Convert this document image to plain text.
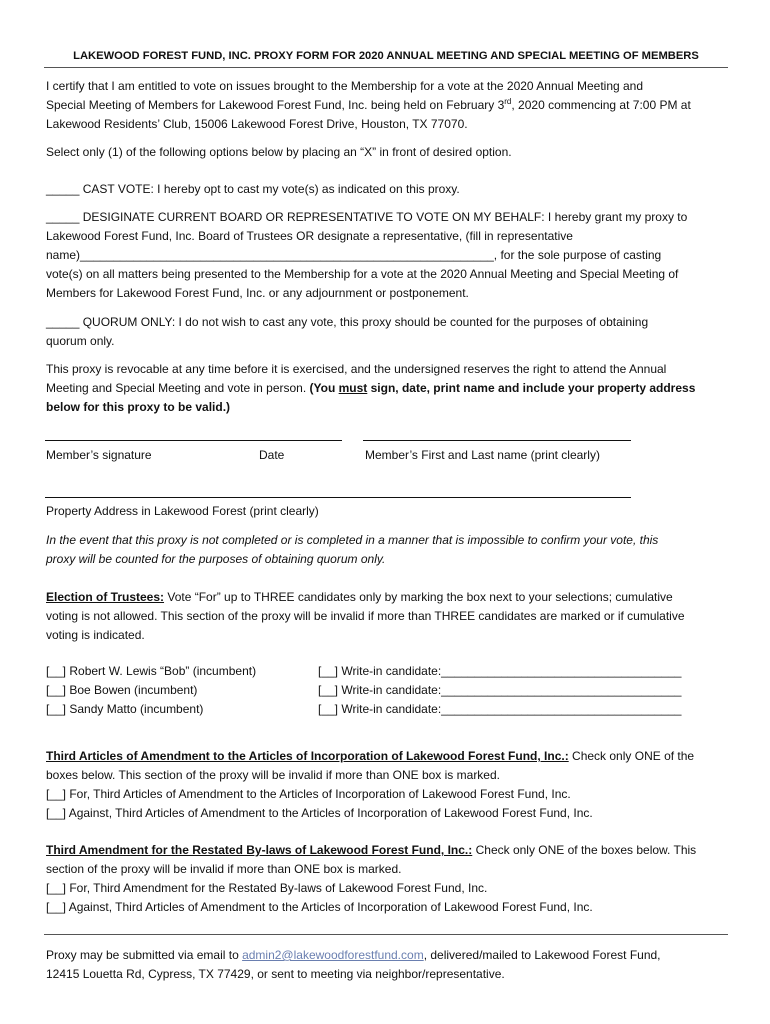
LAKEWOOD FOREST FUND, INC. PROXY FORM FOR 2020 ANNUAL MEETING AND SPECIAL MEETING OF MEMBERS
I certify that I am entitled to vote on issues brought to the Membership for a vote at the 2020 Annual Meeting and
Special Meeting of Members for Lakewood Forest Fund, Inc. being held on February 3rd, 2020 commencing at 7:00 PM at
Lakewood Residents’ Club, 15006 Lakewood Forest Drive, Houston, TX 77070.
Select only (1) of the following options below by placing an “X” in front of desired option.
_____ CAST VOTE: I hereby opt to cast my vote(s) as indicated on this proxy.
_____ DESIGINATE CURRENT BOARD OR REPRESENTATIVE TO VOTE ON MY BEHALF: I hereby grant my proxy to
Lakewood Forest Fund, Inc. Board of Trustees OR designate a representative, (fill in representative
name)______________________________________________________________, for the sole purpose of casting
vote(s) on all matters being presented to the Membership for a vote at the 2020 Annual Meeting and Special Meeting of
Members for Lakewood Forest Fund, Inc. or any adjournment or postponement.
_____ QUORUM ONLY: I do not wish to cast any vote, this proxy should be counted for the purposes of obtaining
quorum only.
This proxy is revocable at any time before it is exercised, and the undersigned reserves the right to attend the Annual
Meeting and Special Meeting and vote in person. (You must sign, date, print name and include your property address
below for this proxy to be valid.)
Member’s signature	Date	Member’s First and Last name (print clearly)
Property Address in Lakewood Forest (print clearly)
In the event that this proxy is not completed or is completed in a manner that is impossible to confirm your vote, this
proxy will be counted for the purposes of obtaining quorum only.
Election of Trustees: Vote “For” up to THREE candidates only by marking the box next to your selections; cumulative
voting is not allowed. This section of the proxy will be invalid if more than THREE candidates are marked or if cumulative
voting is indicated.
[__] Robert W. Lewis “Bob” (incumbent)
[__] Boe Bowen (incumbent)
[__] Sandy Matto (incumbent)
[__] Write-in candidate:____________________________________
[__] Write-in candidate:____________________________________
[__] Write-in candidate:____________________________________
Third Articles of Amendment to the Articles of Incorporation of Lakewood Forest Fund, Inc.: Check only ONE of the
boxes below. This section of the proxy will be invalid if more than ONE box is marked.
[__] For, Third Articles of Amendment to the Articles of Incorporation of Lakewood Forest Fund, Inc.
[__] Against, Third Articles of Amendment to the Articles of Incorporation of Lakewood Forest Fund, Inc.
Third Amendment for the Restated By-laws of Lakewood Forest Fund, Inc.: Check only ONE of the boxes below. This
section of the proxy will be invalid if more than ONE box is marked.
[__] For, Third Amendment for the Restated By-laws of Lakewood Forest Fund, Inc.
[__] Against, Third Articles of Amendment to the Articles of Incorporation of Lakewood Forest Fund, Inc.
Proxy may be submitted via email to admin2@lakewoodforestfund.com, delivered/mailed to Lakewood Forest Fund,
12415 Louetta Rd, Cypress, TX 77429, or sent to meeting via neighbor/representative.
